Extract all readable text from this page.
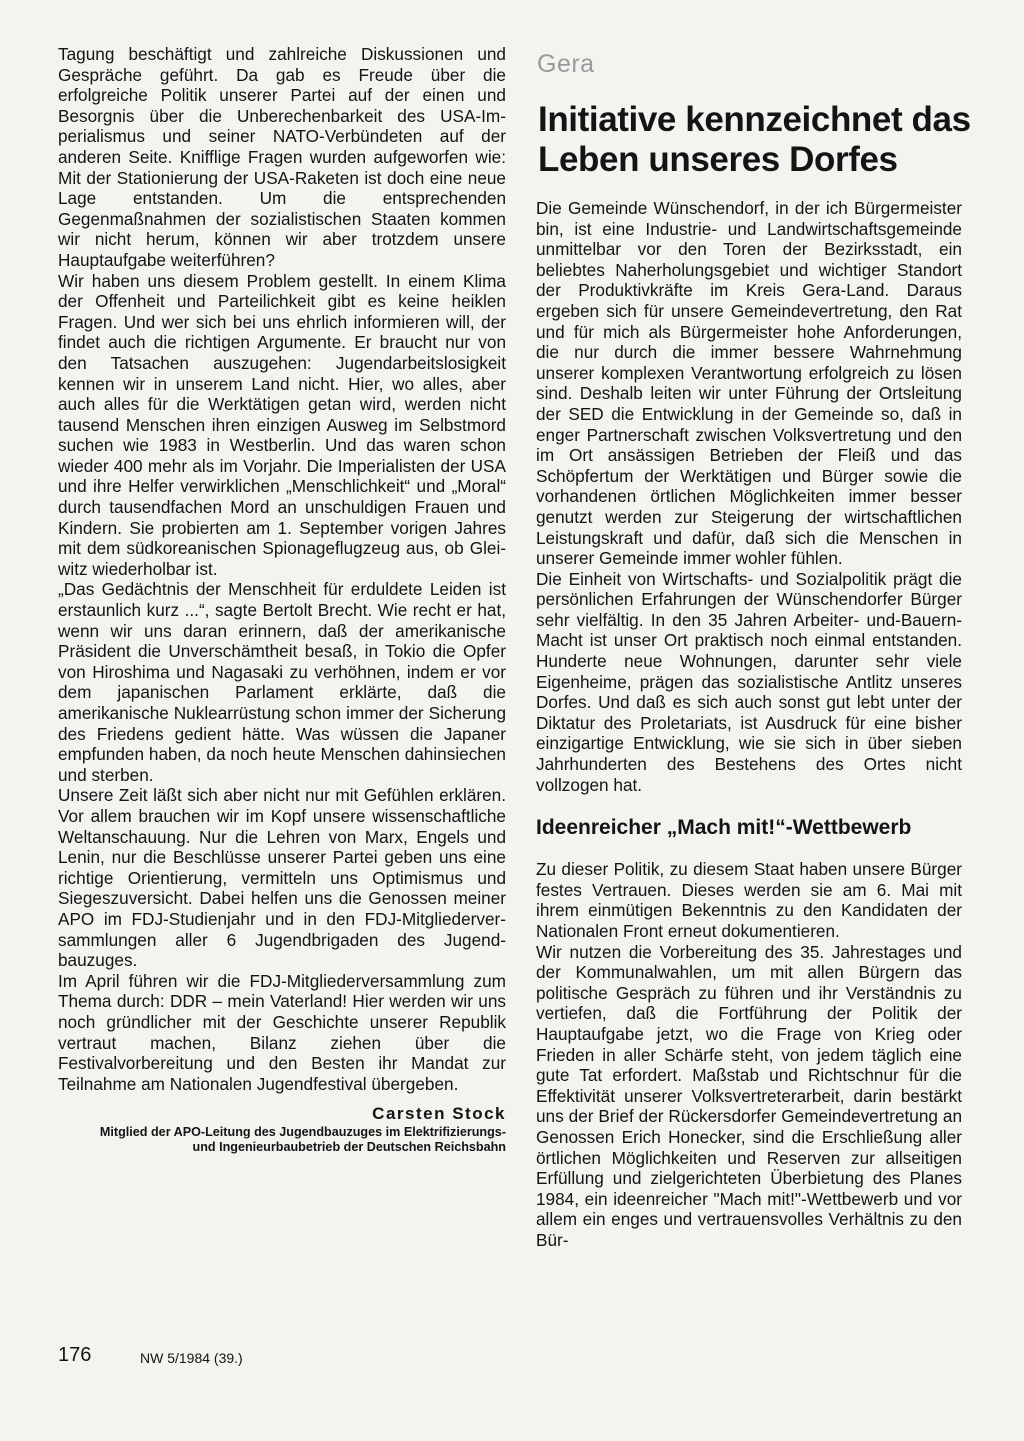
Tagung beschäftigt und zahlreiche Diskussionen und Gespräche geführt. Da gab es Freude über die erfolgreiche Politik unserer Partei auf der einen und Besorgnis über die Unberechenbarkeit des USA-Imperialismus und seiner NATO-Verbündeten auf der anderen Seite. Knifflige Fragen wurden aufgeworfen wie: Mit der Stationierung der USA-Raketen ist doch eine neue Lage entstanden. Um die entsprechenden Gegenmaßnahmen der sozialistischen Staaten kommen wir nicht herum, können wir aber trotzdem unsere Hauptaufgabe weiterführen?

Wir haben uns diesem Problem gestellt. In einem Klima der Offenheit und Parteilichkeit gibt es keine heiklen Fragen. Und wer sich bei uns ehrlich informieren will, der findet auch die richtigen Argumente. Er braucht nur von den Tatsachen auszugehen: Jugendarbeitslosigkeit kennen wir in unserem Land nicht. Hier, wo alles, aber auch alles für die Werktätigen getan wird, werden nicht tausend Menschen ihren einzigen Ausweg im Selbstmord suchen wie 1983 in Westberlin. Und das waren schon wieder 400 mehr als im Vorjahr. Die Imperialisten der USA und ihre Helfer verwirklichen „Menschlichkeit“ und „Moral“ durch tausendfachen Mord an unschuldigen Frauen und Kindern. Sie probierten am 1. September vorigen Jahres mit dem südkoreanischen Spionageflugzeug aus, ob Gleiwitz wiederholbar ist.

„Das Gedächtnis der Menschheit für erduldete Leiden ist erstaunlich kurz ...“, sagte Bertolt Brecht. Wie recht er hat, wenn wir uns daran erinnern, daß der amerikanische Präsident die Unverschämtheit besaß, in Tokio die Opfer von Hiroshima und Nagasaki zu verhöhnen, indem er vor dem japanischen Parlament erklärte, daß die amerikanische Nuklearrüstung schon immer der Sicherung des Friedens gedient hätte. Was wüssen die Japaner empfunden haben, da noch heute Menschen dahinsiechen und sterben.

Unsere Zeit läßt sich aber nicht nur mit Gefühlen erklären. Vor allem brauchen wir im Kopf unsere wissenschaftliche Weltanschauung. Nur die Lehren von Marx, Engels und Lenin, nur die Beschlüsse unserer Partei geben uns eine richtige Orientierung, vermitteln uns Optimismus und Siegeszuversicht. Dabei helfen uns die Genossen meiner APO im FDJ-Studienjahr und in den FDJ-Mitgliederversammlungen aller 6 Jugendbrigaden des Jugendbauzuges.

Im April führen wir die FDJ-Mitgliederversammlung zum Thema durch: DDR – mein Vaterland! Hier werden wir uns noch gründlicher mit der Geschichte unserer Republik vertraut machen, Bilanz ziehen über die Festivalvorbereitung und den Besten ihr Mandat zur Teilnahme am Nationalen Jugendfestival übergeben.

Carsten Stock

Mitglied der APO-Leitung des Jugendbauzuges im Elektrifizierungs-

und Ingenieurbaubetrieb der Deutschen Reichsbahn

Gera
Initiative kennzeichnet das Leben unseres Dorfes

Die Gemeinde Wünschendorf, in der ich Bürgermeister bin, ist eine Industrie- und Landwirtschaftsgemeinde unmittelbar vor den Toren der Bezirksstadt, ein beliebtes Naherholungsgebiet und wichtiger Standort der Produktivkräfte im Kreis Gera-Land. Daraus ergeben sich für unsere Gemeindevertretung, den Rat und für mich als Bürgermeister hohe Anforderungen, die nur durch die immer bessere Wahrnehmung unserer komplexen Verantwortung erfolgreich zu lösen sind. Deshalb leiten wir unter Führung der Ortsleitung der SED die Entwicklung in der Gemeinde so, daß in enger Partnerschaft zwischen Volksvertretung und den im Ort ansässigen Betrieben der Fleiß und das Schöpfertum der Werktätigen und Bürger sowie die vorhandenen örtlichen Möglichkeiten immer besser genutzt werden zur Steigerung der wirtschaftlichen Leistungskraft und dafür, daß sich die Menschen in unserer Gemeinde immer wohler fühlen.

Die Einheit von Wirtschafts- und Sozialpolitik prägt die persönlichen Erfahrungen der Wünschendorfer Bürger sehr vielfältig. In den 35 Jahren Arbeiter- und-Bauern-Macht ist unser Ort praktisch noch einmal entstanden. Hunderte neue Wohnungen, darunter sehr viele Eigenheime, prägen das sozialistische Antlitz unseres Dorfes. Und daß es sich auch sonst gut lebt unter der Diktatur des Proletariats, ist Ausdruck für eine bisher einzigartige Entwicklung, wie sie sich in über sieben Jahrhunderten des Bestehens des Ortes nicht vollzogen hat.

Ideenreicher „Mach mit!“-Wettbewerb

Zu dieser Politik, zu diesem Staat haben unsere Bürger festes Vertrauen. Dieses werden sie am 6. Mai mit ihrem einmütigen Bekenntnis zu den Kandidaten der Nationalen Front erneut dokumentieren.

Wir nutzen die Vorbereitung des 35. Jahrestages und der Kommunalwahlen, um mit allen Bürgern das politische Gespräch zu führen und ihr Verständnis zu vertiefen, daß die Fortführung der Politik der Hauptaufgabe jetzt, wo die Frage von Krieg oder Frieden in aller Schärfe steht, von jedem täglich eine gute Tat erfordert. Maßstab und Richtschnur für die Effektivität unserer Volksvertreterarbeit, darin bestärkt uns der Brief der Rückersdorfer Gemeindevertretung an Genossen Erich Honecker, sind die Erschließung aller örtlichen Möglichkeiten und Reserven zur allseitigen Erfüllung und zielgerichteten Überbietung des Planes 1984, ein ideenreicher "Mach mit!"-Wettbewerb und vor allem ein enges und vertrauensvolles Verhältnis zu den Bür-

176	NW 5/1984 (39.)
